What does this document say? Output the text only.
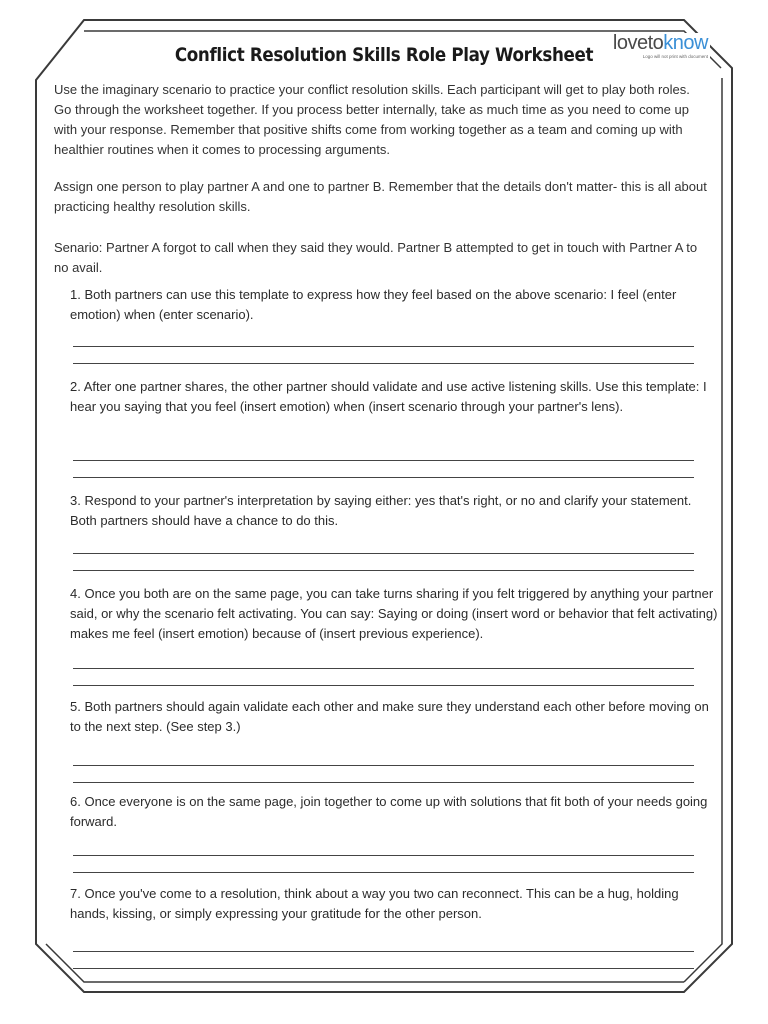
Conflict Resolution Skills Role Play Worksheet
lovetoknow
Logo will not print with document

Use the imaginary scenario to practice your conflict resolution skills. Each participant will get to play both roles. Go through the worksheet together. If you process better internally, take as much time as you need to come up with your response. Remember that positive shifts come from working together as a team and coming up with healthier routines when it comes to processing arguments.

Assign one person to play partner A and one to partner B. Remember that the details don't matter- this is all about practicing healthy resolution skills.

Senario: Partner A forgot to call when they said they would. Partner B attempted to get in touch with Partner A to no avail.

1. Both partners can use this template to express how they feel based on the above scenario: I feel (enter emotion) when (enter scenario).

2. After one partner shares, the other partner should validate and use active listening skills. Use this template: I hear you saying that you feel (insert emotion) when (insert scenario through your partner's lens).

3. Respond to your partner's interpretation by saying either: yes that's right, or no and clarify your statement. Both partners should have a chance to do this.

4. Once you both are on the same page, you can take turns sharing if you felt triggered by anything your partner said, or why the scenario felt activating. You can say: Saying or doing (insert word or behavior that felt activating) makes me feel (insert emotion) because of (insert previous experience).

5. Both partners should again validate each other and make sure they understand each other before moving on to the next step. (See step 3.)

6. Once everyone is on the same page, join together to come up with solutions that fit both of your needs going forward.

7. Once you've come to a resolution, think about a way you two can reconnect. This can be a hug, holding hands, kissing, or simply expressing your gratitude for the other person.
